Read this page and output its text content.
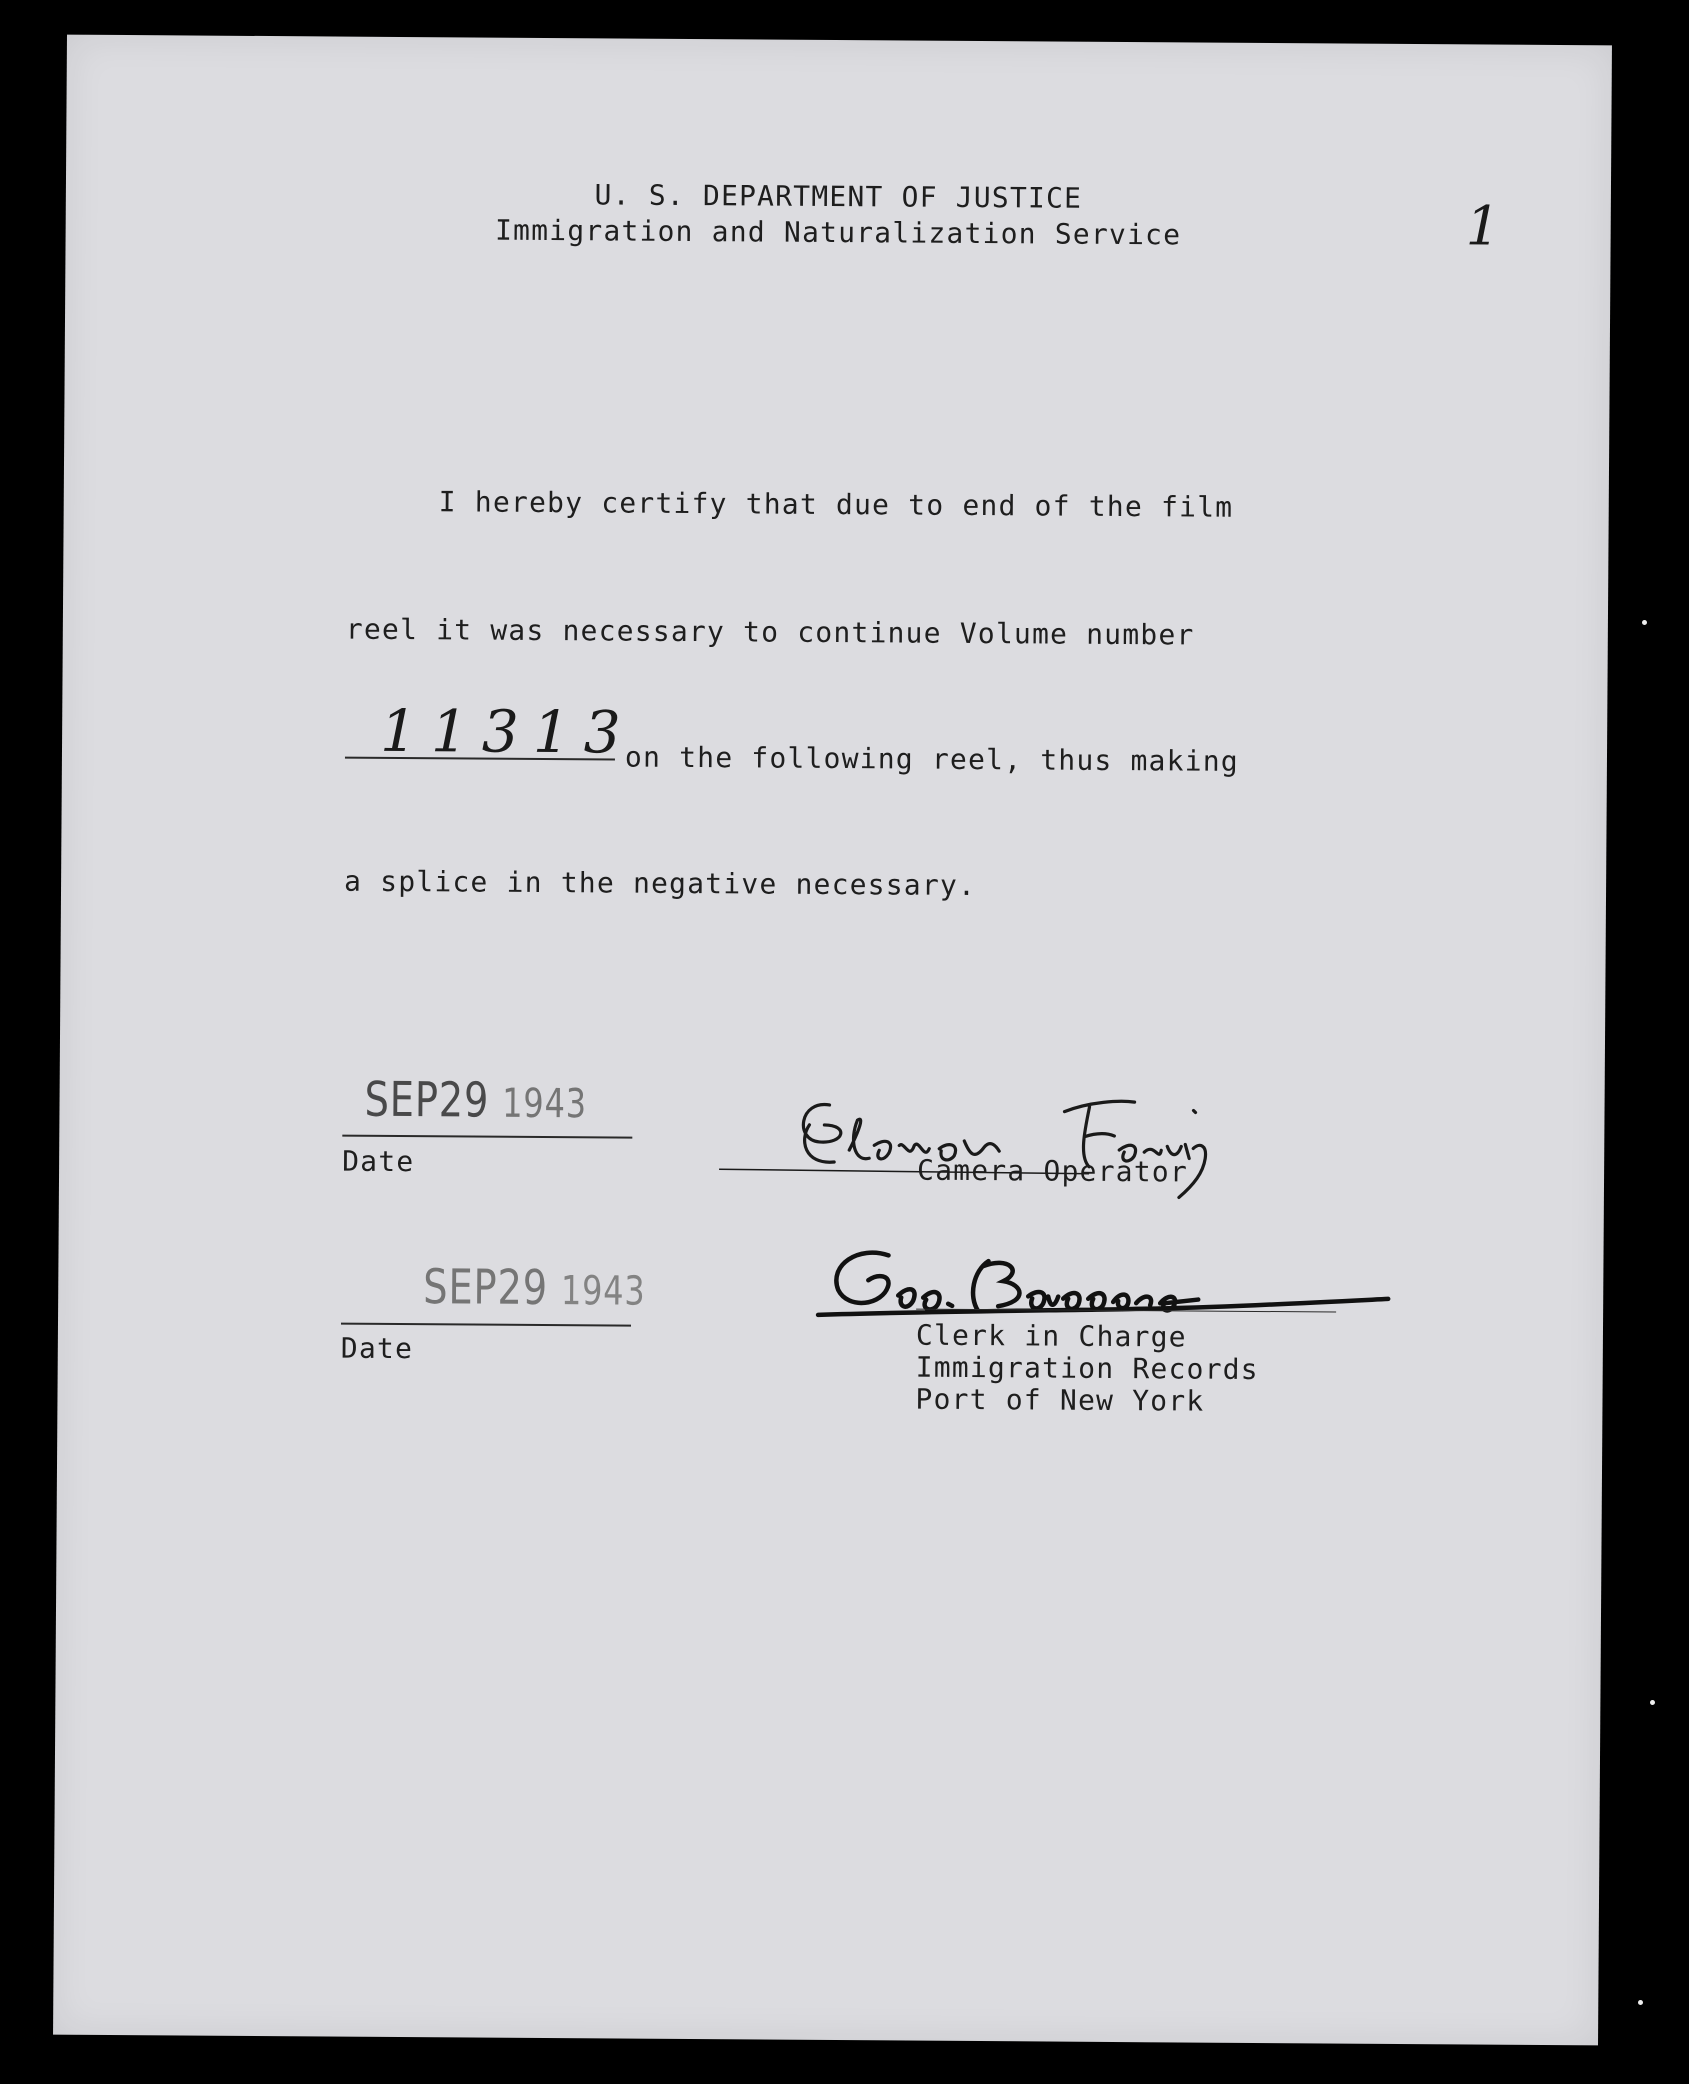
U. S. DEPARTMENT OF JUSTICE
Immigration and Naturalization Service	1
I hereby certify that due to end of the film
reel it was necessary to continue Volume number
11313
on the following reel, thus making
a splice in the negative necessary.
SEP29 1943
Date	Camera Operator
SEP29 1943
Date	Clerk in Charge
Immigration Records
Port of New York
